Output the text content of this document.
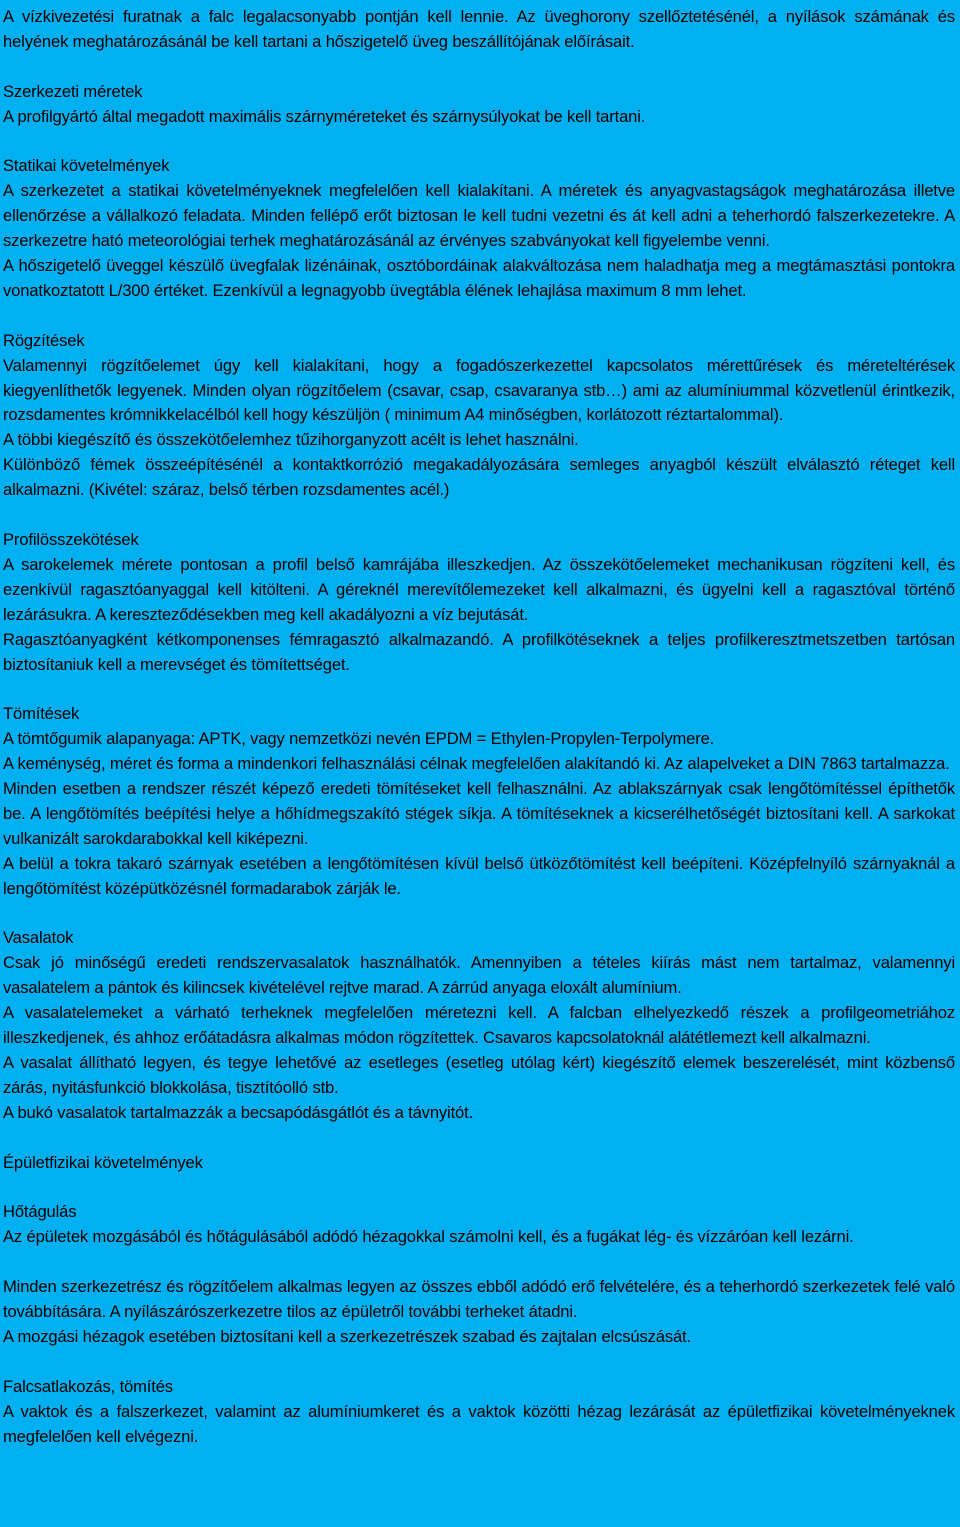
A vízkivezetési furatnak a falc legalacsonyabb pontján kell lennie. Az üveghorony szellőztetésénél, a nyílások számának és helyének meghatározásánál be kell tartani a hőszigetelő üveg beszállítójának előírásait.

Szerkezeti méretek

A profilgyártó által megadott maximális szárnyméreteket és szárnysúlyokat be kell tartani.

Statikai követelmények

A szerkezetet a statikai követelményeknek megfelelően kell kialakítani. A méretek és anyagvastagságok meghatározása illetve ellenőrzése a vállalkozó feladata. Minden fellépő erőt biztosan le kell tudni vezetni és át kell adni a teherhordó falszerkezetekre. A szerkezetre ható meteorológiai terhek meghatározásánál az érvényes szabványokat kell figyelembe venni.

A hőszigetelő üveggel készülő üvegfalak lizénáinak, osztóbordáinak alakváltozása nem haladhatja meg a megtámasztási pontokra vonatkoztatott L/300 értéket. Ezenkívül a legnagyobb üvegtábla élének lehajlása maximum 8 mm lehet.

Rögzítések

Valamennyi rögzítőelemet úgy kell kialakítani, hogy a fogadószerkezettel kapcsolatos mérettűrések és méreteltérések kiegyenlíthetők legyenek. Minden olyan rögzítőelem (csavar, csap, csavaranya stb…) ami az alumíniummal közvetlenül érintkezik, rozsdamentes krómnikkelacélból kell hogy készüljön ( minimum A4 minőségben, korlátozott réztartalommal).

A többi kiegészítő és összekötőelemhez tűzihorganyzott acélt is lehet használni.

Különböző fémek összeépítésénél a kontaktkorrózió megakadályozására semleges anyagból készült elválasztó réteget kell alkalmazni. (Kivétel: száraz, belső térben rozsdamentes acél.)

Profilösszekötések

A sarokelemek mérete pontosan a profil belső kamrájába illeszkedjen. Az összekötőelemeket mechanikusan rögzíteni kell, és ezenkívül ragasztóanyaggal kell kitölteni. A géreknél merevítőlemezeket kell alkalmazni, és ügyelni kell a ragasztóval történő lezárásukra. A kereszteződésekben meg kell akadályozni a víz bejutását.

Ragasztóanyagként kétkomponenses fémragasztó alkalmazandó. A profilkötéseknek a teljes profilkeresztmetszetben tartósan biztosítaniuk kell a merevséget és tömítettséget.

Tömítések

A tömtőgumik alapanyaga: APTK, vagy nemzetközi nevén EPDM = Ethylen-Propylen-Terpolymere.

A keménység, méret és forma a mindenkori felhasználási célnak megfelelően alakítandó ki. Az alapelveket a DIN 7863 tartalmazza.

Minden esetben a rendszer részét képező eredeti tömítéseket kell felhasználni. Az ablakszárnyak csak lengőtömítéssel építhetők be. A lengőtömítés beépítési helye a hőhídmegszakító stégek síkja. A tömítéseknek a kicserélhetőségét biztosítani kell. A sarkokat vulkanizált sarokdarabokkal kell kiképezni.

A belül a tokra takaró szárnyak esetében a lengőtömítésen kívül belső ütközőtömítést kell beépíteni. Középfelnyíló szárnyaknál a lengőtömítést középütközésnél formadarabok zárják le.

Vasalatok

Csak jó minőségű eredeti rendszervasalatok használhatók. Amennyiben a tételes kiírás mást nem tartalmaz, valamennyi vasalatelem a pántok és kilincsek kivételével rejtve marad. A zárrúd anyaga eloxált alumínium.

A vasalatelemeket a várható terheknek megfelelően méretezni kell. A falcban elhelyezkedő részek a profilgeometriához illeszkedjenek, és ahhoz erőátadásra alkalmas módon rögzítettek. Csavaros kapcsolatoknál alátétlemezt kell alkalmazni.

A vasalat állítható legyen, és tegye lehetővé az esetleges (esetleg utólag kért) kiegészítő elemek beszerelését, mint közbenső zárás, nyitásfunkció blokkolása, tisztítóolló stb.

A bukó vasalatok tartalmazzák a becsapódásgátlót és a távnyitót.

Épületfizikai követelmények

Hőtágulás

Az épületek mozgásából és hőtágulásából adódó hézagokkal számolni kell, és a fugákat lég- és vízzáróan kell lezárni.

Minden szerkezetrész és rögzítőelem alkalmas legyen az összes ebből adódó erő felvételére, és a teherhordó szerkezetek felé való továbbítására. A nyílászárószerkezetre tilos az épületről további terheket átadni.

A mozgási hézagok esetében biztosítani kell a szerkezetrészek szabad és zajtalan elcsúszását.

Falcsatlakozás, tömítés

A vaktok és a falszerkezet, valamint az alumíniumkeret és a vaktok közötti hézag lezárását az épületfizikai követelményeknek megfelelően kell elvégezni.
